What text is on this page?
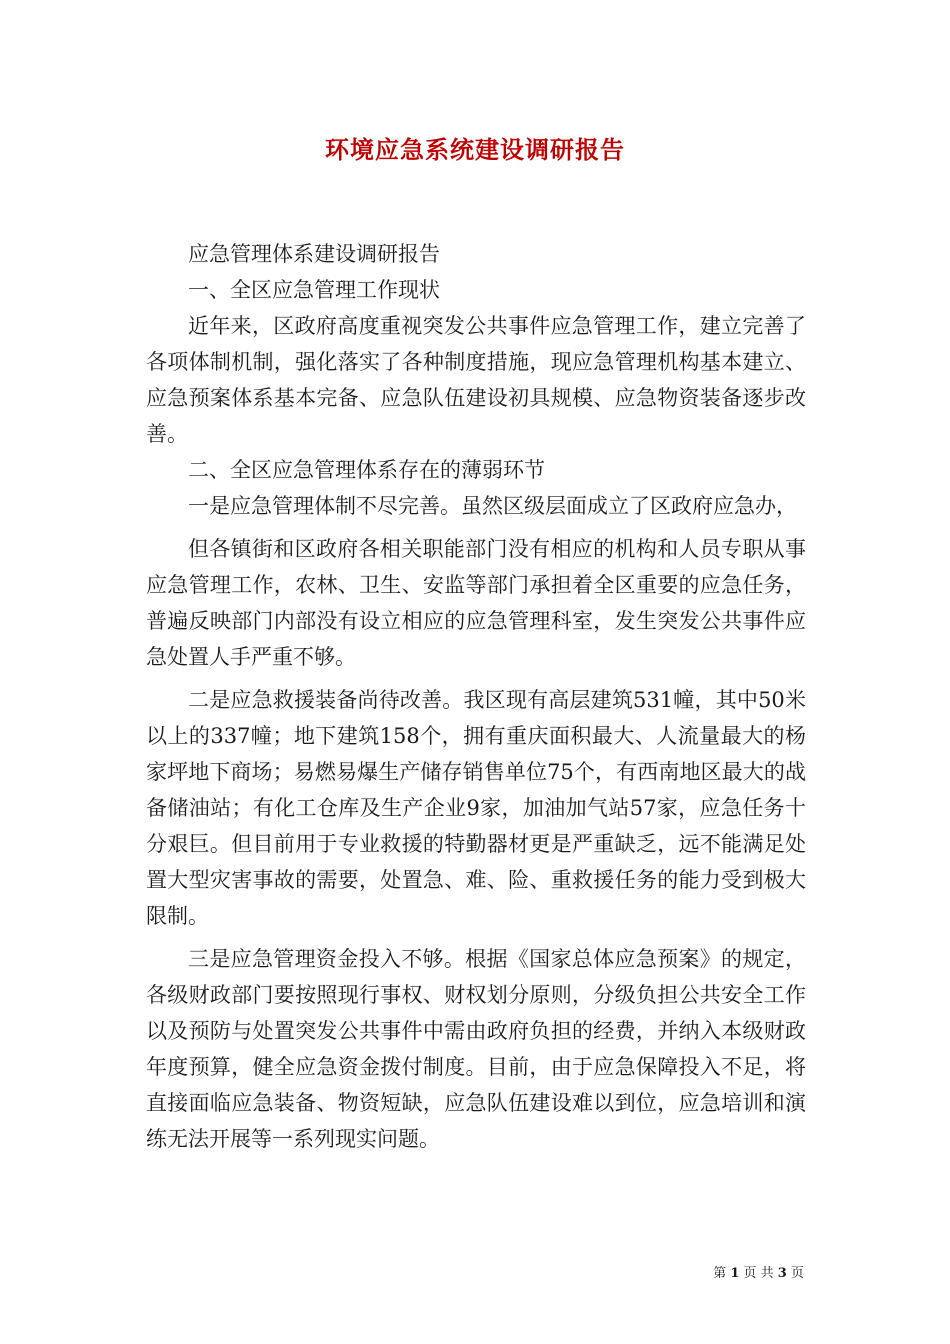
环境应急系统建设调研报告

应急管理体系建设调研报告

一、全区应急管理工作现状

近年来，区政府高度重视突发公共事件应急管理工作，建立完善了各项体制机制，强化落实了各种制度措施，现应急管理机构基本建立、应急预案体系基本完备、应急队伍建设初具规模、应急物资装备逐步改善。

二、全区应急管理体系存在的薄弱环节

一是应急管理体制不尽完善。虽然区级层面成立了区政府应急办，

但各镇街和区政府各相关职能部门没有相应的机构和人员专职从事应急管理工作，农林、卫生、安监等部门承担着全区重要的应急任务，普遍反映部门内部没有设立相应的应急管理科室，发生突发公共事件应急处置人手严重不够。

二是应急救援装备尚待改善。我区现有高层建筑531幢，其中50米以上的337幢；地下建筑158个，拥有重庆面积最大、人流量最大的杨家坪地下商场；易燃易爆生产储存销售单位75个，有西南地区最大的战备储油站；有化工仓库及生产企业9家，加油加气站57家，应急任务十分艰巨。但目前用于专业救援的特勤器材更是严重缺乏，远不能满足处置大型灾害事故的需要，处置急、难、险、重救援任务的能力受到极大限制。

三是应急管理资金投入不够。根据《国家总体应急预案》的规定，各级财政部门要按照现行事权、财权划分原则，分级负担公共安全工作以及预防与处置突发公共事件中需由政府负担的经费，并纳入本级财政年度预算，健全应急资金拨付制度。目前，由于应急保障投入不足，将直接面临应急装备、物资短缺，应急队伍建设难以到位，应急培训和演练无法开展等一系列现实问题。

第 1 页 共 3 页
